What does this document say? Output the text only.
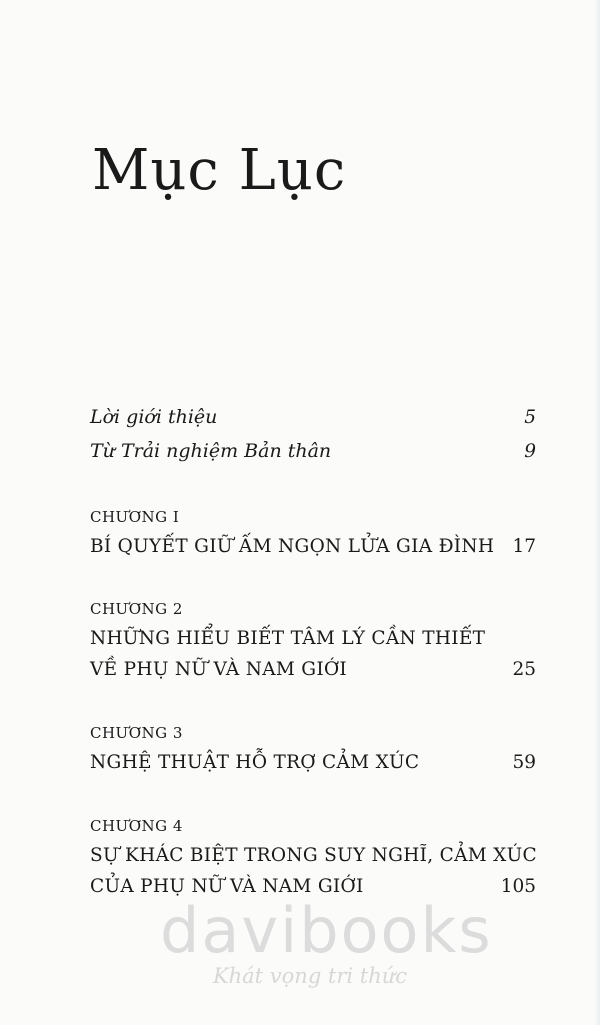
Mục Lục
Lời giới thiệu	5
Từ Trải nghiệm Bản thân	9
CHƯƠNG I
BÍ QUYẾT GIỮ ẤM NGỌN LỬA GIA ĐÌNH 17
CHƯƠNG 2
NHỮNG HIỂU BIẾT TÂM LÝ CẦN THIẾT
VỀ PHỤ NỮ VÀ NAM GIỚI	25
CHƯƠNG 3
NGHỆ THUẬT HỖ TRỢ CẢM XÚC	59
CHƯƠNG 4
SỰ KHÁC BIỆT TRONG SUY NGHĨ, CẢM XÚC
CỦA PHỤ NỮ VÀ NAM GIỚI	105
davibooks
Khát vọng tri thức
